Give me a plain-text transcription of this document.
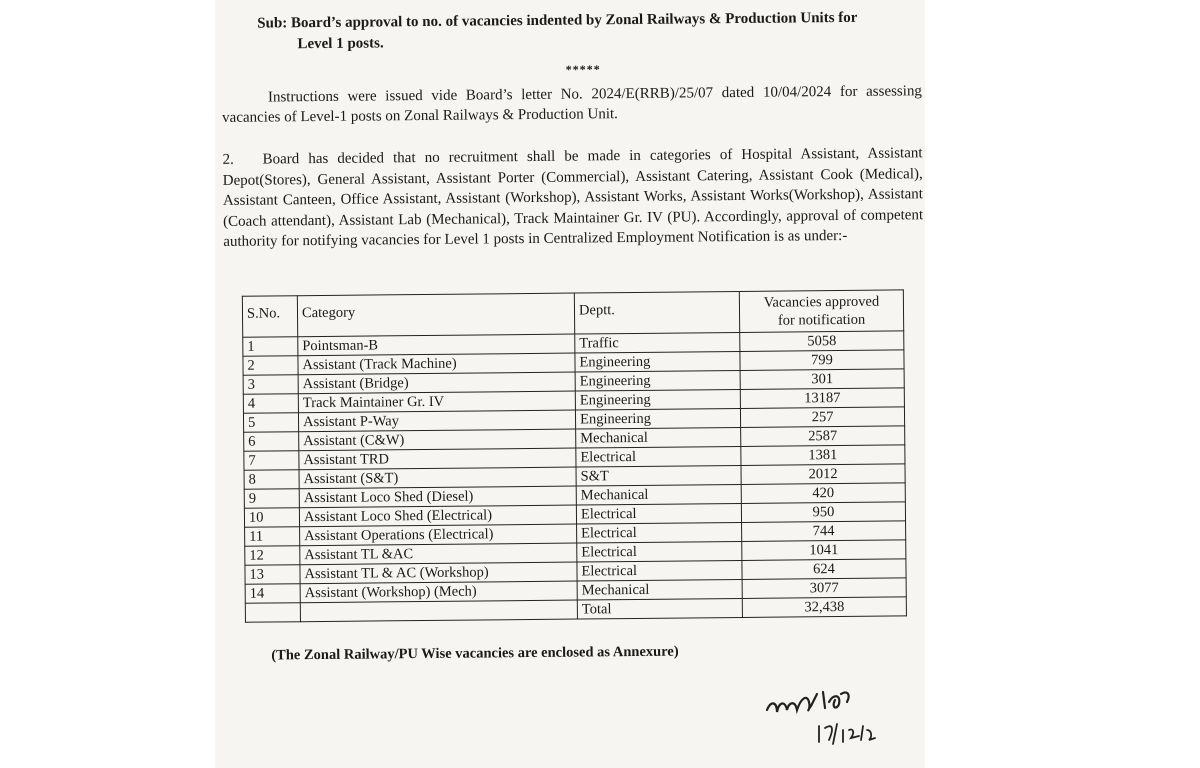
Sub: Board’s approval to no. of vacancies indented by Zonal Railways & Production Units for
Level 1 posts.
*****
Instructions were issued vide Board’s letter No. 2024/E(RRB)/25/07 dated 10/04/2024 for assessing vacancies of Level-1 posts on Zonal Railways & Production Unit.
2. Board has decided that no recruitment shall be made in categories of Hospital Assistant, Assistant Depot(Stores), General Assistant, Assistant Porter (Commercial), Assistant Catering, Assistant Cook (Medical), Assistant Canteen, Office Assistant, Assistant (Workshop), Assistant Works, Assistant Works(Workshop), Assistant (Coach attendant), Assistant Lab (Mechanical), Track Maintainer Gr. IV (PU). Accordingly, approval of competent authority for notifying vacancies for Level 1 posts in Centralized Employment Notification is as under:-
S.No.	Category	Deptt.	Vacancies approved
for notification
1	Pointsman-B	Traffic	5058
2	Assistant (Track Machine)	Engineering	799
3	Assistant (Bridge)	Engineering	301
4	Track Maintainer Gr. IV	Engineering	13187
5	Assistant P-Way	Engineering	257
6	Assistant (C&W)	Mechanical	2587
7	Assistant TRD	Electrical	1381
8	Assistant (S&T)	S&T	2012
9	Assistant Loco Shed (Diesel)	Mechanical	420
10	Assistant Loco Shed (Electrical)	Electrical	950
11	Assistant Operations (Electrical)	Electrical	744
12	Assistant TL &AC	Electrical	1041
13	Assistant TL & AC (Workshop)	Electrical	624
14	Assistant (Workshop) (Mech)	Mechanical	3077
		Total	32,438
(The Zonal Railway/PU Wise vacancies are enclosed as Annexure)
